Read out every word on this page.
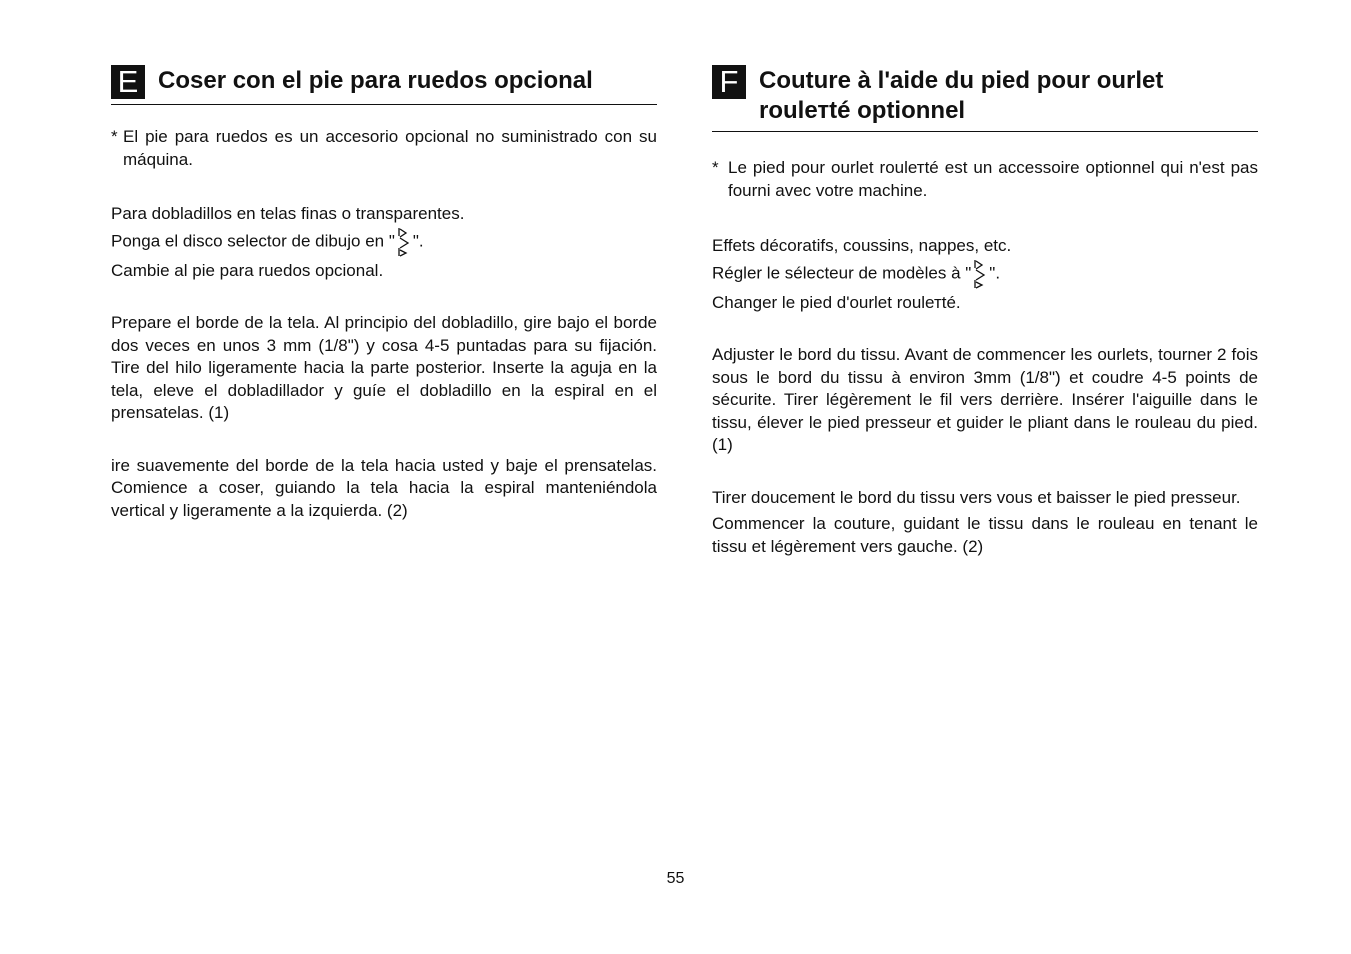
E Coser con el pie para ruedos opcional
* El pie para ruedos es un accesorio opcional no suministrado con su máquina.
Para dobladillos en telas finas o transparentes.
Ponga el disco selector de dibujo en " ".
Cambie al pie para ruedos opcional.

Prepare el borde de la tela. Al principio del dobladillo, gire bajo el borde dos veces en unos 3 mm (1/8") y cosa 4-5 puntadas para su fijación. Tire del hilo ligeramente hacia la parte posterior. Inserte la aguja en la tela, eleve el dobladillador y guíe el dobladillo en la espiral en el prensatelas. (1)

ire suavemente del borde de la tela hacia usted y baje el prensatelas. Comience a coser, guiando la tela hacia la espiral manteniéndola vertical y ligeramente a la izquierda. (2)

F Couture à l'aide du pied pour ourlet roulетté optionnel
* Le pied pour ourlet roulетté est un accessoire optionnel qui n'est pas fourni avec votre machine.
Effets décoratifs, coussins, nappes, etc.
Régler le sélecteur de modèles à " ".
Changer le pied d'ourlet roulетté.

Adjuster le bord du tissu. Avant de commencer les ourlets, tourner 2 fois sous le bord du tissu à environ 3mm (1/8") et coudre 4-5 points de sécurite. Tirer légèrement le fil vers derrière. Insérer l'aiguille dans le tissu, élever le pied presseur et guider le pliant dans le rouleau du pied. (1)

Tirer doucement le bord du tissu vers vous et baisser le pied presseur.

Commencer la couture, guidant le tissu dans le rouleau en tenant le tissu et légèrement vers gauche. (2)

55
